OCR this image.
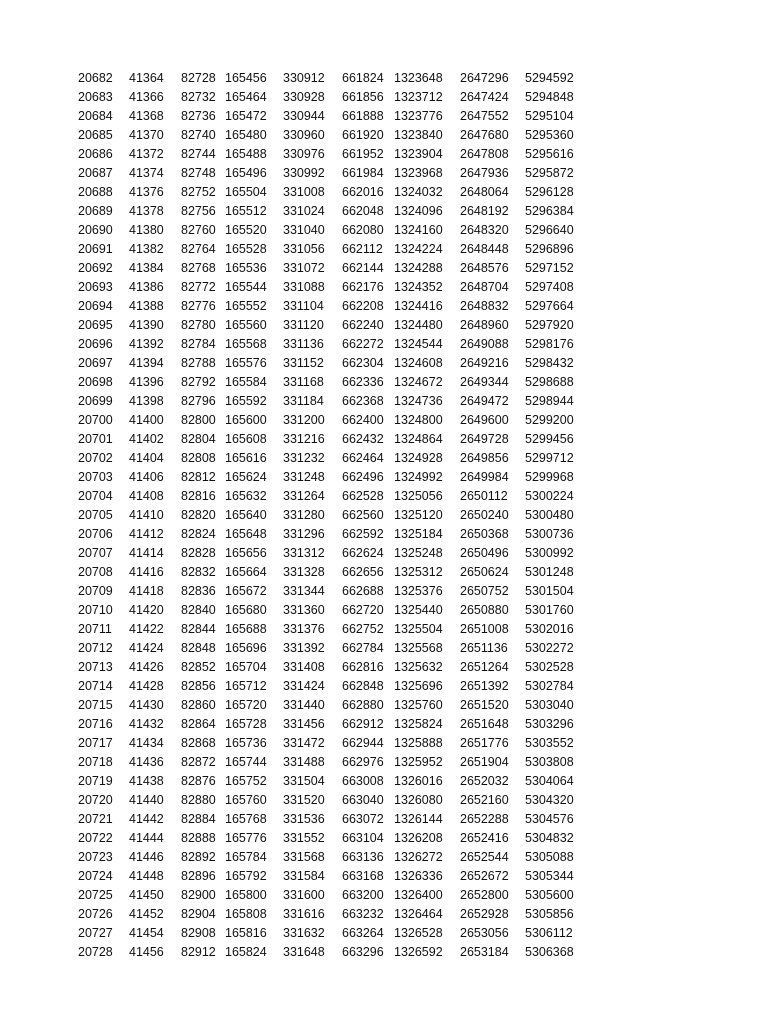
20682 41364 82728 165456 330912 661824 1323648 2647296 5294592
20683 41366 82732 165464 330928 661856 1323712 2647424 5294848
20684 41368 82736 165472 330944 661888 1323776 2647552 5295104
20685 41370 82740 165480 330960 661920 1323840 2647680 5295360
20686 41372 82744 165488 330976 661952 1323904 2647808 5295616
20687 41374 82748 165496 330992 661984 1323968 2647936 5295872
20688 41376 82752 165504 331008 662016 1324032 2648064 5296128
20689 41378 82756 165512 331024 662048 1324096 2648192 5296384
20690 41380 82760 165520 331040 662080 1324160 2648320 5296640
20691 41382 82764 165528 331056 662112 1324224 2648448 5296896
20692 41384 82768 165536 331072 662144 1324288 2648576 5297152
20693 41386 82772 165544 331088 662176 1324352 2648704 5297408
20694 41388 82776 165552 331104 662208 1324416 2648832 5297664
20695 41390 82780 165560 331120 662240 1324480 2648960 5297920
20696 41392 82784 165568 331136 662272 1324544 2649088 5298176
20697 41394 82788 165576 331152 662304 1324608 2649216 5298432
20698 41396 82792 165584 331168 662336 1324672 2649344 5298688
20699 41398 82796 165592 331184 662368 1324736 2649472 5298944
20700 41400 82800 165600 331200 662400 1324800 2649600 5299200
20701 41402 82804 165608 331216 662432 1324864 2649728 5299456
20702 41404 82808 165616 331232 662464 1324928 2649856 5299712
20703 41406 82812 165624 331248 662496 1324992 2649984 5299968
20704 41408 82816 165632 331264 662528 1325056 2650112 5300224
20705 41410 82820 165640 331280 662560 1325120 2650240 5300480
20706 41412 82824 165648 331296 662592 1325184 2650368 5300736
20707 41414 82828 165656 331312 662624 1325248 2650496 5300992
20708 41416 82832 165664 331328 662656 1325312 2650624 5301248
20709 41418 82836 165672 331344 662688 1325376 2650752 5301504
20710 41420 82840 165680 331360 662720 1325440 2650880 5301760
20711 41422 82844 165688 331376 662752 1325504 2651008 5302016
20712 41424 82848 165696 331392 662784 1325568 2651136 5302272
20713 41426 82852 165704 331408 662816 1325632 2651264 5302528
20714 41428 82856 165712 331424 662848 1325696 2651392 5302784
20715 41430 82860 165720 331440 662880 1325760 2651520 5303040
20716 41432 82864 165728 331456 662912 1325824 2651648 5303296
20717 41434 82868 165736 331472 662944 1325888 2651776 5303552
20718 41436 82872 165744 331488 662976 1325952 2651904 5303808
20719 41438 82876 165752 331504 663008 1326016 2652032 5304064
20720 41440 82880 165760 331520 663040 1326080 2652160 5304320
20721 41442 82884 165768 331536 663072 1326144 2652288 5304576
20722 41444 82888 165776 331552 663104 1326208 2652416 5304832
20723 41446 82892 165784 331568 663136 1326272 2652544 5305088
20724 41448 82896 165792 331584 663168 1326336 2652672 5305344
20725 41450 82900 165800 331600 663200 1326400 2652800 5305600
20726 41452 82904 165808 331616 663232 1326464 2652928 5305856
20727 41454 82908 165816 331632 663264 1326528 2653056 5306112
20728 41456 82912 165824 331648 663296 1326592 2653184 5306368
